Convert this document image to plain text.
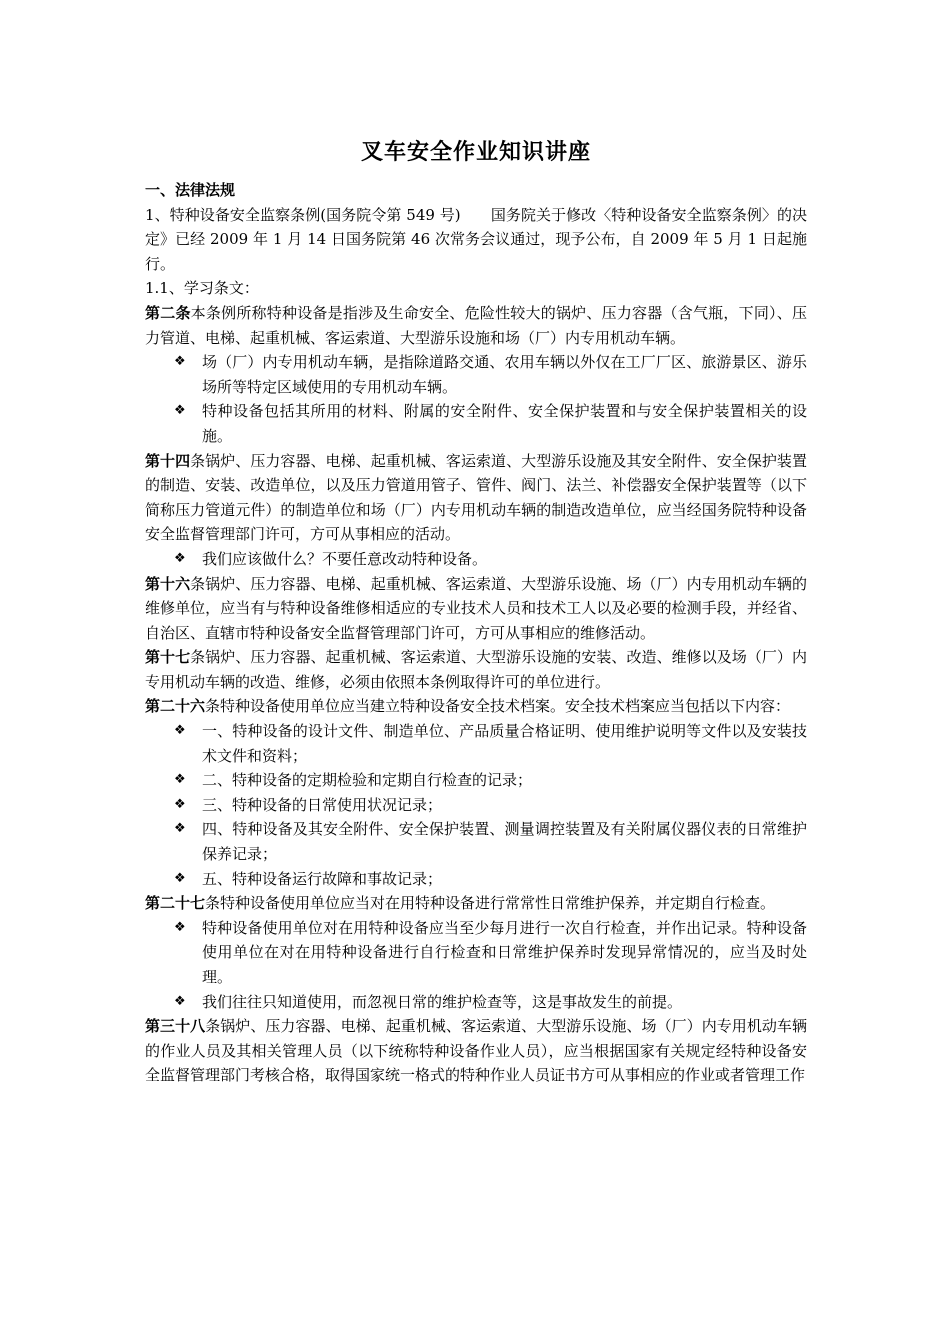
叉车安全作业知识讲座

一、法律法规

1、特种设备安全监察条例(国务院令第 549 号)　　国务院关于修改〈特种设备安全监察条例〉的决定》已经 2009 年 1 月 14 日国务院第 46 次常务会议通过，现予公布，自 2009 年 5 月 1 日起施行。

1.1、学习条文：

第二条本条例所称特种设备是指涉及生命安全、危险性较大的锅炉、压力容器（含气瓶，下同）、压力管道、电梯、起重机械、客运索道、大型游乐设施和场（厂）内专用机动车辆。

❖ 场（厂）内专用机动车辆，是指除道路交通、农用车辆以外仅在工厂厂区、旅游景区、游乐场所等特定区域使用的专用机动车辆。
❖ 特种设备包括其所用的材料、附属的安全附件、安全保护装置和与安全保护装置相关的设施。

第十四条锅炉、压力容器、电梯、起重机械、客运索道、大型游乐设施及其安全附件、安全保护装置的制造、安装、改造单位，以及压力管道用管子、管件、阀门、法兰、补偿器安全保护装置等（以下简称压力管道元件）的制造单位和场（厂）内专用机动车辆的制造改造单位，应当经国务院特种设备安全监督管理部门许可，方可从事相应的活动。

❖ 我们应该做什么？不要任意改动特种设备。

第十六条锅炉、压力容器、电梯、起重机械、客运索道、大型游乐设施、场（厂）内专用机动车辆的维修单位，应当有与特种设备维修相适应的专业技术人员和技术工人以及必要的检测手段，并经省、自治区、直辖市特种设备安全监督管理部门许可，方可从事相应的维修活动。

第十七条锅炉、压力容器、起重机械、客运索道、大型游乐设施的安装、改造、维修以及场（厂）内专用机动车辆的改造、维修，必须由依照本条例取得许可的单位进行。

第二十六条特种设备使用单位应当建立特种设备安全技术档案。安全技术档案应当包括以下内容：

❖ 一、特种设备的设计文件、制造单位、产品质量合格证明、使用维护说明等文件以及安装技术文件和资料；
❖ 二、特种设备的定期检验和定期自行检查的记录；
❖ 三、特种设备的日常使用状况记录；
❖ 四、特种设备及其安全附件、安全保护装置、测量调控装置及有关附属仪器仪表的日常维护保养记录；
❖ 五、特种设备运行故障和事故记录；

第二十七条特种设备使用单位应当对在用特种设备进行常常性日常维护保养，并定期自行检查。

❖ 特种设备使用单位对在用特种设备应当至少每月进行一次自行检查，并作出记录。特种设备使用单位在对在用特种设备进行自行检查和日常维护保养时发现异常情况的，应当及时处理。
❖ 我们往往只知道使用，而忽视日常的维护检查等，这是事故发生的前提。

第三十八条锅炉、压力容器、电梯、起重机械、客运索道、大型游乐设施、场（厂）内专用机动车辆的作业人员及其相关管理人员（以下统称特种设备作业人员），应当根据国家有关规定经特种设备安全监督管理部门考核合格，取得国家统一格式的特种作业人员证书方可从事相应的作业或者管理工作
